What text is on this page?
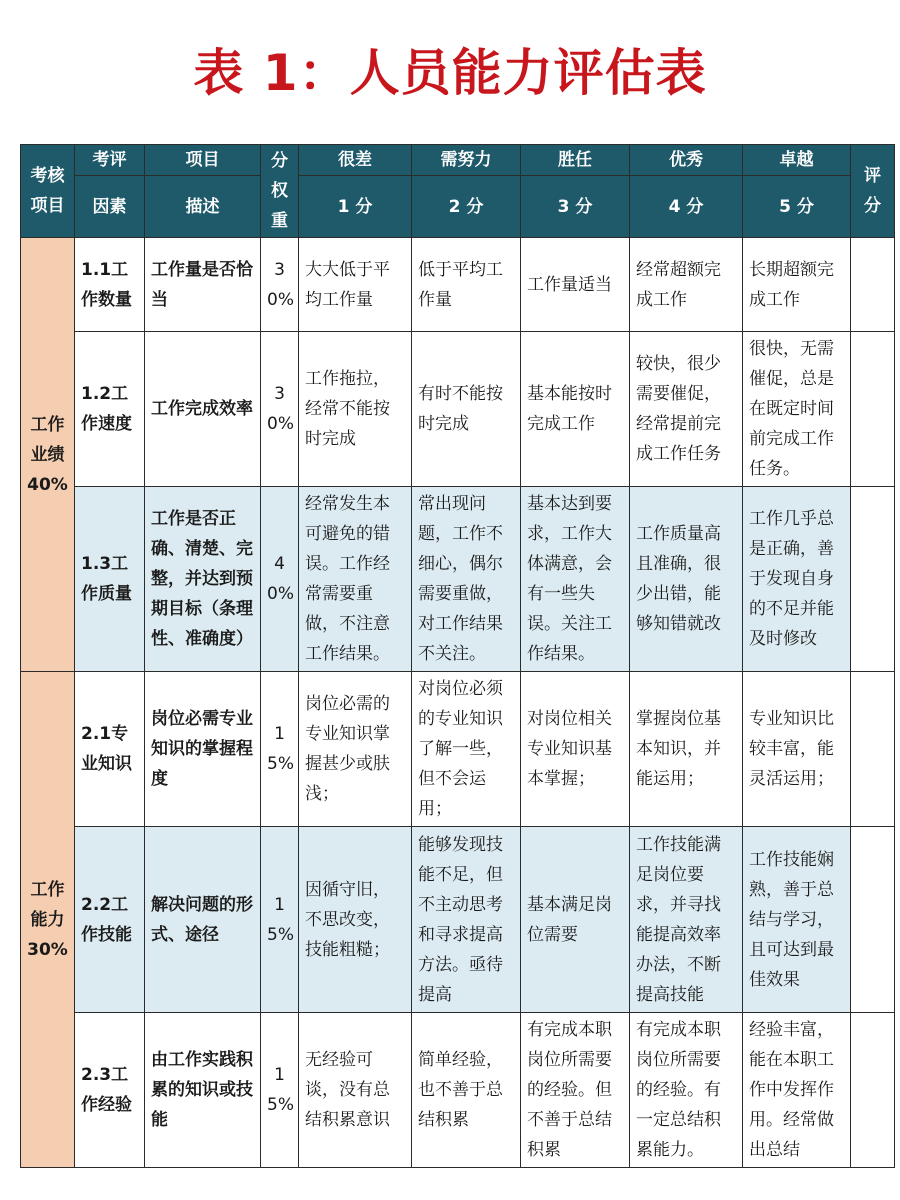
表 1：人员能力评估表
考核项目	考评	项目	分权重	很差	需努力	胜任	优秀	卓越	评分
	因素	描述		1 分	2 分	3 分	4 分	5 分	
工作业绩40%	1.1工作数量	工作量是否恰当	30%	大大低于平均工作量	低于平均工作量	工作量适当	经常超额完成工作	长期超额完成工作	
	1.2工作速度	工作完成效率	30%	工作拖拉，经常不能按时完成	有时不能按时完成	基本能按时完成工作	较快，很少需要催促，经常提前完成工作任务	很快，无需催促，总是在既定时间前完成工作任务。	
	1.3工作质量	工作是否正确、清楚、完整，并达到预期目标（条理性、准确度）	40%	经常发生本可避免的错误。工作经常需要重做，不注意工作结果。	常出现问题，工作不细心，偶尔需要重做，对工作结果不关注。	基本达到要求，工作大体满意，会有一些失误。关注工作结果。	工作质量高且准确，很少出错，能够知错就改	工作几乎总是正确，善于发现自身的不足并能及时修改	
工作能力30%	2.1专业知识	岗位必需专业知识的掌握程度	15%	岗位必需的专业知识掌握甚少或肤浅；	对岗位必须的专业知识了解一些，但不会运用；	对岗位相关专业知识基本掌握；	掌握岗位基本知识，并能运用；	专业知识比较丰富，能灵活运用；	
	2.2工作技能	解决问题的形式、途径	15%	因循守旧，不思改变，技能粗糙；	能够发现技能不足，但不主动思考和寻求提高方法。亟待提高	基本满足岗位需要	工作技能满足岗位要求，并寻找能提高效率办法，不断提高技能	工作技能娴熟，善于总结与学习，且可达到最佳效果	
	2.3工作经验	由工作实践积累的知识或技能	15%	无经验可谈，没有总结积累意识	简单经验，也不善于总结积累	有完成本职岗位所需要的经验。但不善于总结积累	有完成本职岗位所需要的经验。有一定总结积累能力。	经验丰富，能在本职工作中发挥作用。经常做出总结	
